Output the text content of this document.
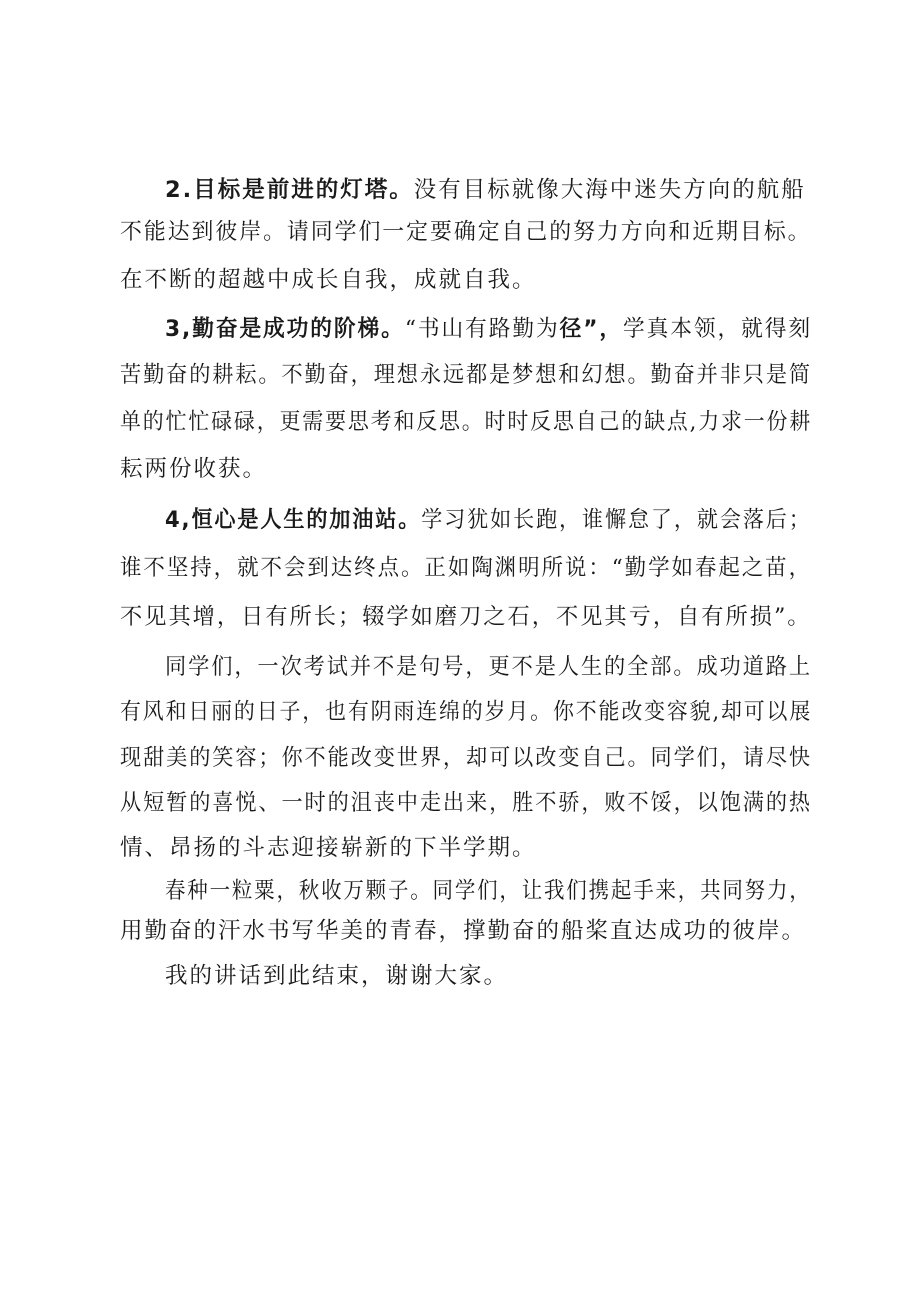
2.目标是前进的灯塔。没有目标就像大海中迷失方向的航船
不能达到彼岸。请同学们一定要确定自己的努力方向和近期目标。
在不断的超越中成长自我，成就自我。
3,勤奋是成功的阶梯。“书山有路勤为径”，学真本领，就得刻
苦勤奋的耕耘。不勤奋，理想永远都是梦想和幻想。勤奋并非只是简
单的忙忙碌碌，更需要思考和反思。时时反思自己的缺点,力求一份耕
耘两份收获。
4,恒心是人生的加油站。学习犹如长跑，谁懈怠了，就会落后；
谁不坚持，就不会到达终点。正如陶渊明所说：“勤学如春起之苗，
不见其增，日有所长；辍学如磨刀之石，不见其亏，自有所损”。
同学们，一次考试并不是句号，更不是人生的全部。成功道路上
有风和日丽的日子，也有阴雨连绵的岁月。你不能改变容貌,却可以展
现甜美的笑容；你不能改变世界，却可以改变自己。同学们，请尽快
从短暂的喜悦、一时的沮丧中走出来，胜不骄，败不馁，以饱满的热
情、昂扬的斗志迎接崭新的下半学期。
春种一粒粟，秋收万颗子。同学们，让我们携起手来，共同努力，
用勤奋的汗水书写华美的青春，撑勤奋的船桨直达成功的彼岸。
我的讲话到此结束，谢谢大家。
